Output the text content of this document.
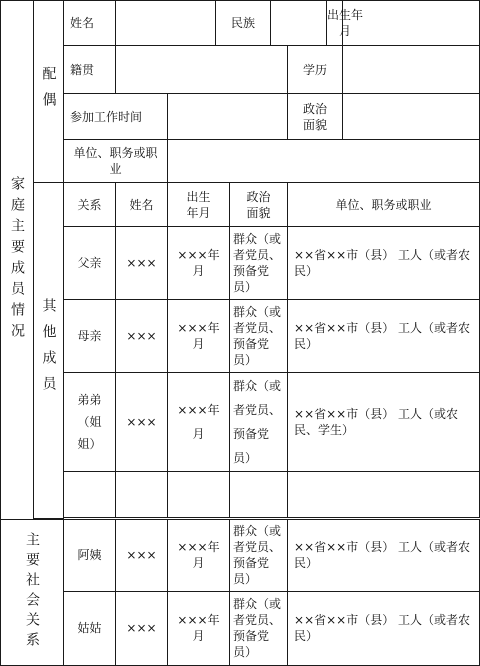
家庭主要成员情况	配偶	姓名			民族				出生年月	

		籍贯						学历		
		参加工作时间						政治面貌		

		单位、职务或职业								

	其他成员	关系	姓名	出生年月		政治面貌		单位、职务或职业		
		父亲	×××	×××年月		群众（或者党员、预备党员）		××省××市（县） 工人（或者农民）		
		母亲	×××	×××年月		群众（或者党员、预备党员）		××省××市（县） 工人（或者农民）		

		弟弟（姐姐）	×××	×××年月		群众（或者党员、预备党员）		××省××市（县） 工人（或农民、学生）		

主要社会关系		阿姨	×××	×××年月		群众（或者党员、预备党员）		××省××市（县） 工人（或者农民）		
		姑姑	×××	×××年月		群众（或者党员、预备党员）		××省××市（县） 工人（或者农民）		
